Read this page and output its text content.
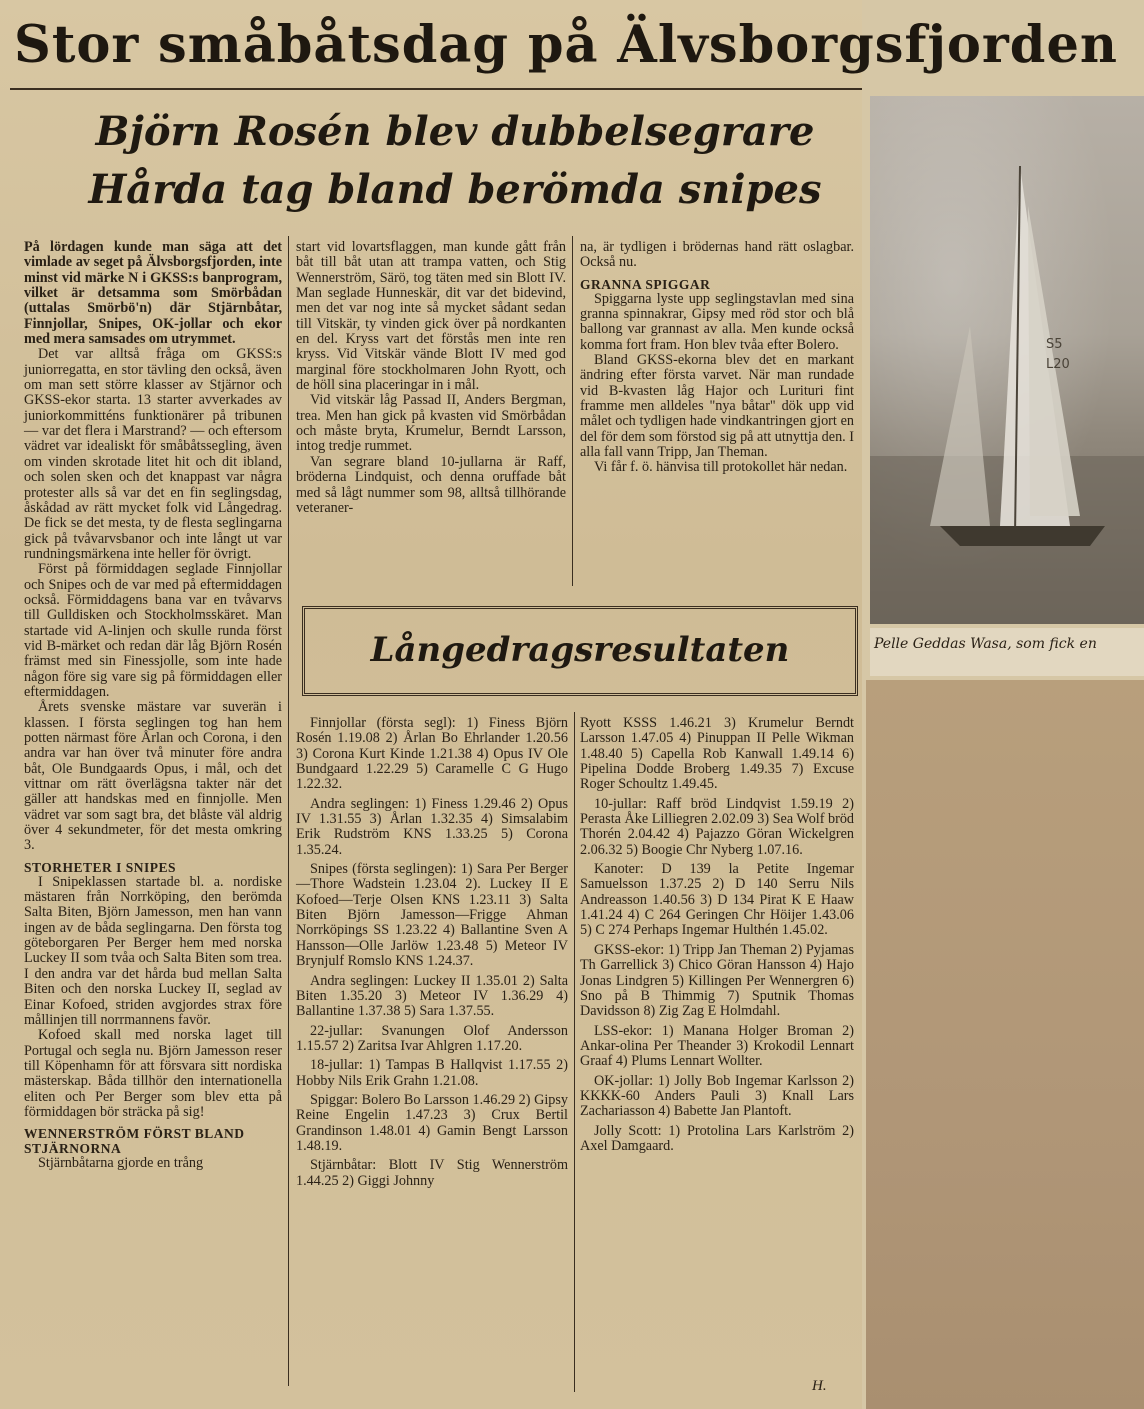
S5
L20
Pelle Geddas Wasa, som fick en
Stor småbåtsdag på Älvsborgsfjorden
Björn Rosén blev dubbelsegrare
Hårda tag bland berömda snipes

På lördagen kunde man säga att det vimlade av seget på Älvsborgsfjorden, inte minst vid märke N i GKSS:s banprogram, vilket är detsamma som Smörbådan (uttalas Smörbö'n) där Stjärnbåtar, Finnjollar, Snipes, OK-jollar och ekor med mera samsades om utrymmet.

Det var alltså fråga om GKSS:s juniorregatta, en stor tävling den också, även om man sett större klasser av Stjärnor och GKSS-ekor starta. 13 starter avverkades av juniorkommitténs funktionärer på tribunen — var det flera i Marstrand? — och eftersom vädret var idealiskt för småbåtssegling, även om vinden skrotade litet hit och dit ibland, och solen sken och det knappast var några protester alls så var det en fin seglingsdag, åskådad av rätt mycket folk vid Långedrag. De fick se det mesta, ty de flesta seglingarna gick på tvåvarvsbanor och inte långt ut var rundningsmärkena inte heller för övrigt.

Först på förmiddagen seglade Finnjollar och Snipes och de var med på eftermiddagen också. Förmiddagens bana var en tvåvarvs till Gulldisken och Stockholmsskäret. Man startade vid A-linjen och skulle runda först vid B-märket och redan där låg Björn Rosén främst med sin Finessjolle, som inte hade någon före sig vare sig på förmiddagen eller eftermiddagen.

Årets svenske mästare var suverän i klassen. I första seglingen tog han hem potten närmast före Årlan och Corona, i den andra var han över två minuter före andra båt, Ole Bundgaards Opus, i mål, och det vittnar om rätt överlägsna takter när det gäller att handskas med en finnjolle. Men vädret var som sagt bra, det blåste väl aldrig över 4 sekundmeter, för det mesta omkring 3.

STORHETER I SNIPES

I Snipeklassen startade bl. a. nordiske mästaren från Norrköping, den berömda Salta Biten, Björn Jamesson, men han vann ingen av de båda seglingarna. Den första tog göteborgaren Per Berger hem med norska Luckey II som tvåa och Salta Biten som trea. I den andra var det hårda bud mellan Salta Biten och den norska Luckey II, seglad av Einar Kofoed, striden avgjordes strax före mållinjen till norrmannens favör.

Kofoed skall med norska laget till Portugal och segla nu. Björn Jamesson reser till Köpenhamn för att försvara sitt nordiska mästerskap. Båda tillhör den internationella eliten och Per Berger som blev etta på förmiddagen bör sträcka på sig!

WENNERSTRÖM FÖRST BLAND STJÄRNORNA

Stjärnbåtarna gjorde en trång

start vid lovartsflaggen, man kunde gått från båt till båt utan att trampa vatten, och Stig Wennerström, Särö, tog täten med sin Blott IV. Man seglade Hunneskär, dit var det bidevind, men det var nog inte så mycket sådant sedan till Vitskär, ty vinden gick över på nordkanten en del. Kryss vart det förstås men inte ren kryss. Vid Vitskär vände Blott IV med god marginal före stockholmaren John Ryott, och de höll sina placeringar in i mål.

Vid vitskär låg Passad II, Anders Bergman, trea. Men han gick på kvasten vid Smörbådan och måste bryta, Krumelur, Berndt Larsson, intog tredje rummet.

Van segrare bland 10-jullarna är Raff, bröderna Lindquist, och denna oruffade båt med så lågt nummer som 98, alltså tillhörande veteraner-

na, är tydligen i brödernas hand rätt oslagbar. Också nu.

GRANNA SPIGGAR

Spiggarna lyste upp seglingstavlan med sina granna spinnakrar, Gipsy med röd stor och blå ballong var grannast av alla. Men kunde också komma fort fram. Hon blev tvåa efter Bolero.

Bland GKSS-ekorna blev det en markant ändring efter första varvet. När man rundade vid B-kvasten låg Hajor och Lurituri fint framme men alldeles "nya båtar" dök upp vid målet och tydligen hade vindkantringen gjort en del för dem som förstod sig på att utnyttja den. I alla fall vann Tripp, Jan Theman.

Vi får f. ö. hänvisa till protokollet här nedan.

Långedragsresultaten

Finnjollar (första segl): 1) Finess Björn Rosén 1.19.08 2) Årlan Bo Ehrlander 1.20.56 3) Corona Kurt Kinde 1.21.38 4) Opus IV Ole Bundgaard 1.22.29 5) Caramelle C G Hugo 1.22.32.

Andra seglingen: 1) Finess 1.29.46 2) Opus IV 1.31.55 3) Årlan 1.32.35 4) Simsalabim Erik Rudström KNS 1.33.25 5) Corona 1.35.24.

Snipes (första seglingen): 1) Sara Per Berger—Thore Wadstein 1.23.04 2). Luckey II E Kofoed—Terje Olsen KNS 1.23.11 3) Salta Biten Björn Jamesson—Frigge Ahman Norrköpings SS 1.23.22 4) Ballantine Sven A Hansson—Olle Jarlöw 1.23.48 5) Meteor IV Brynjulf Romslo KNS 1.24.37.

Andra seglingen: Luckey II 1.35.01 2) Salta Biten 1.35.20 3) Meteor IV 1.36.29 4) Ballantine 1.37.38 5) Sara 1.37.55.

22-jullar: Svanungen Olof Andersson 1.15.57 2) Zaritsa Ivar Ahlgren 1.17.20.

18-jullar: 1) Tampas B Hallqvist 1.17.55 2) Hobby Nils Erik Grahn 1.21.08.

Spiggar: Bolero Bo Larsson 1.46.29 2) Gipsy Reine Engelin 1.47.23 3) Crux Bertil Grandinson 1.48.01 4) Gamin Bengt Larsson 1.48.19.

Stjärnbåtar: Blott IV Stig Wennerström 1.44.25 2) Giggi Johnny

Ryott KSSS 1.46.21 3) Krumelur Berndt Larsson 1.47.05 4) Pinuppan II Pelle Wikman 1.48.40 5) Capella Rob Kanwall 1.49.14 6) Pipelina Dodde Broberg 1.49.35 7) Excuse Roger Schoultz 1.49.45.

10-jullar: Raff bröd Lindqvist 1.59.19 2) Perasta Åke Lilliegren 2.02.09 3) Sea Wolf bröd Thorén 2.04.42 4) Pajazzo Göran Wickelgren 2.06.32 5) Boogie Chr Nyberg 1.07.16.

Kanoter: D 139 la Petite Ingemar Samuelsson 1.37.25 2) D 140 Serru Nils Andreasson 1.40.56 3) D 134 Pirat K E Haaw 1.41.24 4) C 264 Geringen Chr Höijer 1.43.06 5) C 274 Perhaps Ingemar Hulthén 1.45.02.

GKSS-ekor: 1) Tripp Jan Theman 2) Pyjamas Th Garrellick 3) Chico Göran Hansson 4) Hajo Jonas Lindgren 5) Killingen Per Wennergren 6) Sno på B Thimmig 7) Sputnik Thomas Davidsson 8) Zig Zag E Holmdahl.

LSS-ekor: 1) Manana Holger Broman 2) Ankar-olina Per Theander 3) Krokodil Lennart Graaf 4) Plums Lennart Wollter.

OK-jollar: 1) Jolly Bob Ingemar Karlsson 2) KKKK-60 Anders Pauli 3) Knall Lars Zachariasson 4) Babette Jan Plantoft.

Jolly Scott: 1) Protolina Lars Karlström 2) Axel Damgaard.

H.
